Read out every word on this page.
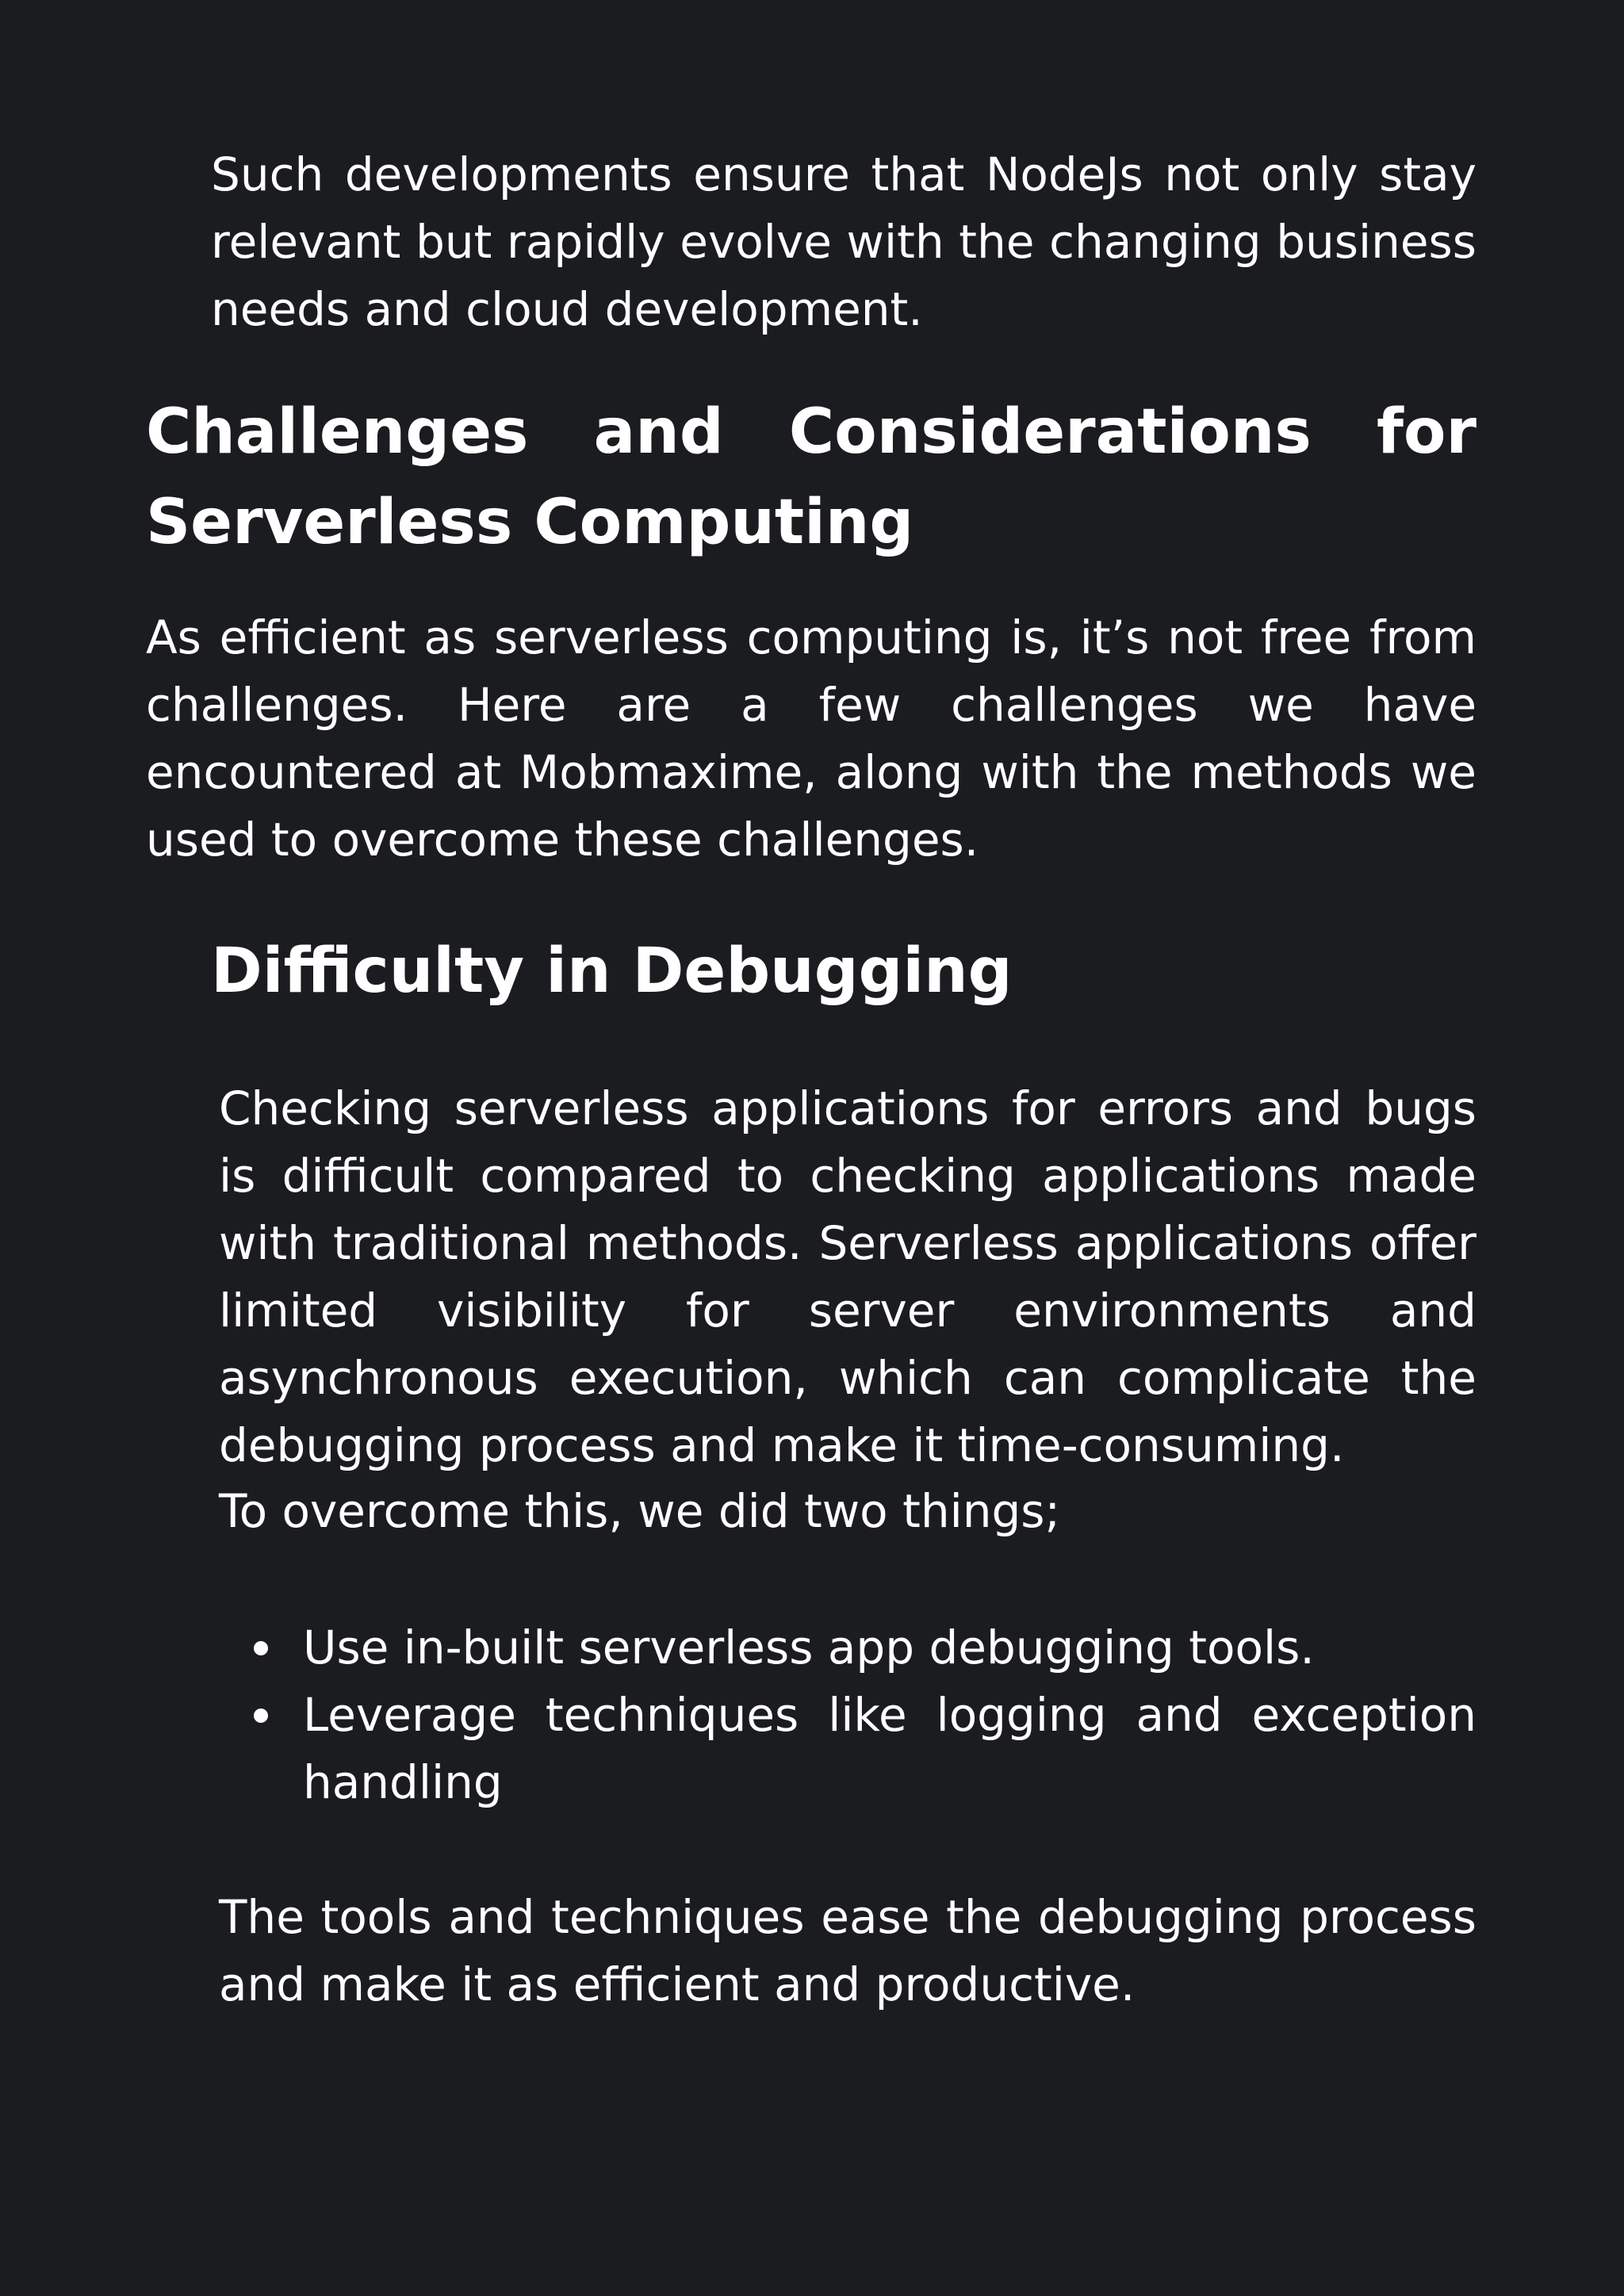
Such developments ensure that NodeJs not only stay relevant but rapidly evolve with the changing business needs and cloud development.

Challenges and Considerations for Serverless Computing

As efficient as serverless computing is, it’s not free from challenges. Here are a few challenges we have encountered at Mobmaxime, along with the methods we used to overcome these challenges.

Difficulty in Debugging

Checking serverless applications for errors and bugs is difficult compared to checking applications made with traditional methods. Serverless applications offer limited visibility for server environments and asynchronous execution, which can complicate the debugging process and make it time-consuming.

To overcome this, we did two things;

Use in-built serverless app debugging tools.
Leverage techniques like logging and exception handling

The tools and techniques ease the debugging process and make it as efficient and productive.
